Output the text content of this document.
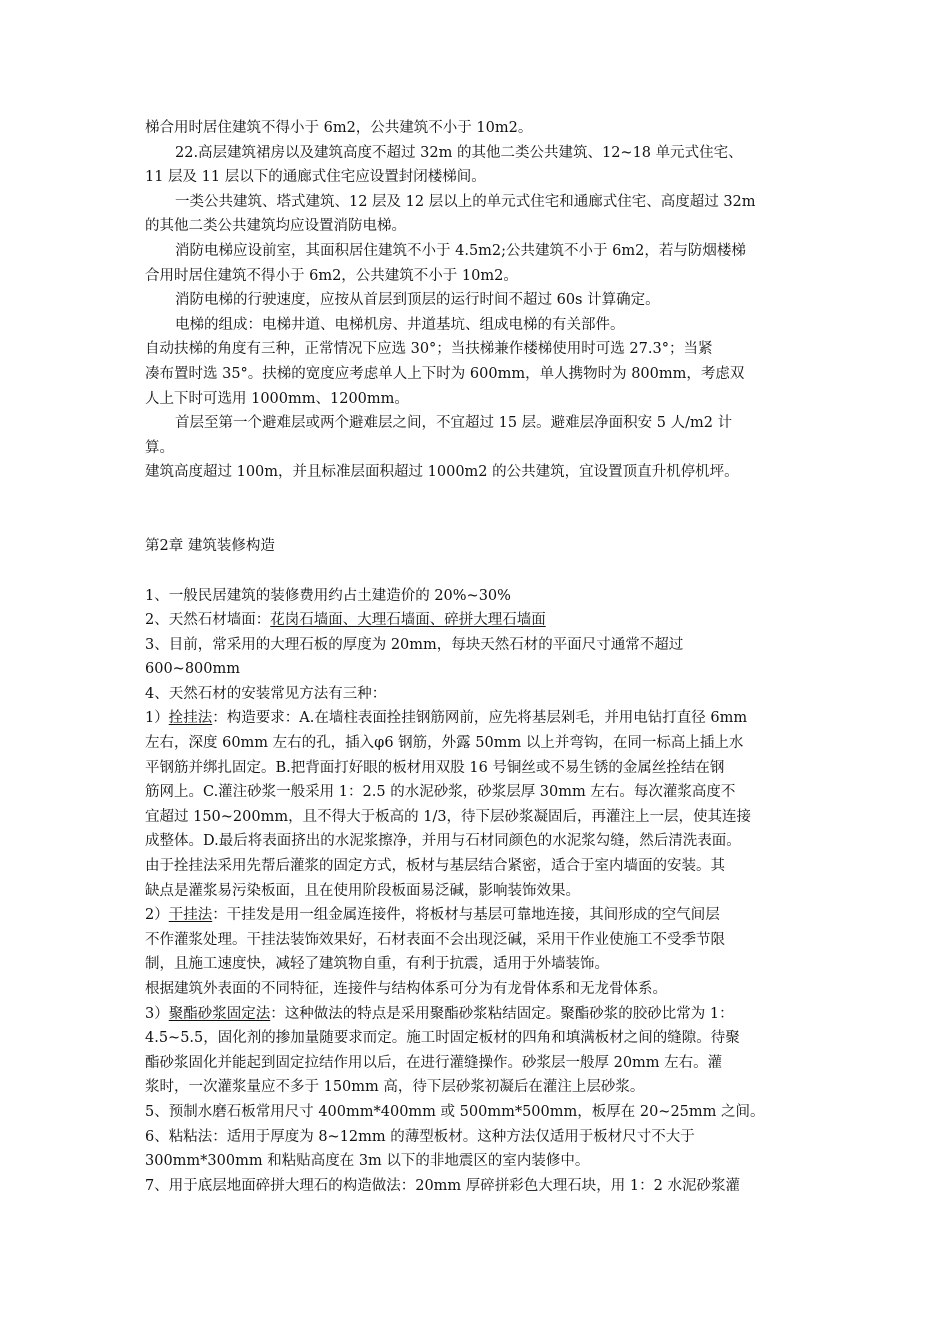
梯合用时居住建筑不得小于 6m2，公共建筑不小于 10m2。
22.高层建筑裙房以及建筑高度不超过 32m 的其他二类公共建筑、12~18 单元式住宅、
11 层及 11 层以下的通廊式住宅应设置封闭楼梯间。
一类公共建筑、塔式建筑、12 层及 12 层以上的单元式住宅和通廊式住宅、高度超过 32m
的其他二类公共建筑均应设置消防电梯。
消防电梯应设前室，其面积居住建筑不小于 4.5m2;公共建筑不小于 6m2，若与防烟楼梯
合用时居住建筑不得小于 6m2，公共建筑不小于 10m2。
消防电梯的行驶速度，应按从首层到顶层的运行时间不超过 60s 计算确定。
电梯的组成：电梯井道、电梯机房、井道基坑、组成电梯的有关部件。
自动扶梯的角度有三种，正常情况下应选 30°；当扶梯兼作楼梯使用时可选 27.3°；当紧
凑布置时选 35°。扶梯的宽度应考虑单人上下时为 600mm，单人携物时为 800mm，考虑双
人上下时可选用 1000mm、1200mm。
首层至第一个避难层或两个避难层之间，不宜超过 15 层。避难层净面积安 5 人/m2 计
算。
建筑高度超过 100m，并且标准层面积超过 1000m2 的公共建筑，宜设置顶直升机停机坪。
第2章 建筑装修构造
1、一般民居建筑的装修费用约占土建造价的 20%~30%
2、天然石材墙面：花岗石墙面、大理石墙面、碎拼大理石墙面
3、目前，常采用的大理石板的厚度为 20mm，每块天然石材的平面尺寸通常不超过
600~800mm
4、天然石材的安装常见方法有三种：
1）拴挂法：构造要求：A.在墙柱表面拴挂钢筋网前，应先将基层剁毛，并用电钻打直径 6mm
左右，深度 60mm 左右的孔，插入φ6 钢筋，外露 50mm 以上并弯钩，在同一标高上插上水
平钢筋并绑扎固定。B.把背面打好眼的板材用双股 16 号铜丝或不易生锈的金属丝拴结在钢
筋网上。C.灌注砂浆一般采用 1：2.5 的水泥砂浆，砂浆层厚 30mm 左右。每次灌浆高度不
宜超过 150~200mm，且不得大于板高的 1/3，待下层砂浆凝固后，再灌注上一层，使其连接
成整体。D.最后将表面挤出的水泥浆擦净，并用与石材同颜色的水泥浆勾缝，然后清洗表面。
由于拴挂法采用先帮后灌浆的固定方式，板材与基层结合紧密，适合于室内墙面的安装。其
缺点是灌浆易污染板面，且在使用阶段板面易泛碱，影响装饰效果。
2）干挂法：干挂发是用一组金属连接件，将板材与基层可靠地连接，其间形成的空气间层
不作灌浆处理。干挂法装饰效果好，石材表面不会出现泛碱，采用干作业使施工不受季节限
制，且施工速度快，减轻了建筑物自重，有利于抗震，适用于外墙装饰。
根据建筑外表面的不同特征，连接件与结构体系可分为有龙骨体系和无龙骨体系。
3）聚酯砂浆固定法：这种做法的特点是采用聚酯砂浆粘结固定。聚酯砂浆的胶砂比常为 1：
4.5~5.5，固化剂的掺加量随要求而定。施工时固定板材的四角和填满板材之间的缝隙。待聚
酯砂浆固化并能起到固定拉结作用以后，在进行灌缝操作。砂浆层一般厚 20mm 左右。灌
浆时，一次灌浆量应不多于 150mm 高，待下层砂浆初凝后在灌注上层砂浆。
5、预制水磨石板常用尺寸 400mm*400mm 或 500mm*500mm，板厚在 20~25mm 之间。
6、粘粘法：适用于厚度为 8~12mm 的薄型板材。这种方法仅适用于板材尺寸不大于
300mm*300mm 和粘贴高度在 3m 以下的非地震区的室内装修中。
7、用于底层地面碎拼大理石的构造做法：20mm 厚碎拼彩色大理石块，用 1：2 水泥砂浆灌
